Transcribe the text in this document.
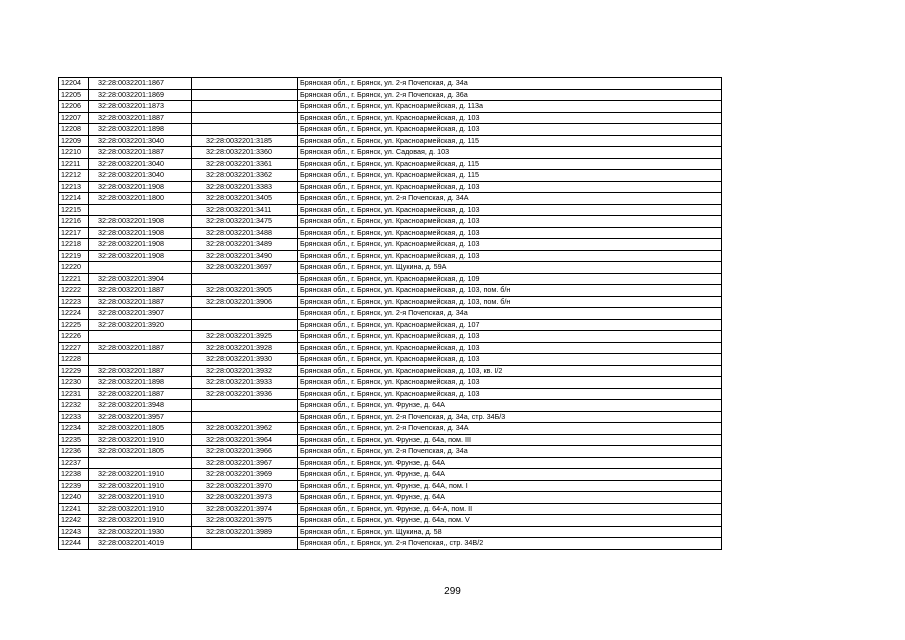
12204	32:28:0032201:1867		Брянская обл., г. Брянск, ул. 2-я Почепская, д. 34а
12205	32:28:0032201:1869		Брянская обл., г. Брянск, ул. 2-я Почепская, д. 36а
12206	32:28:0032201:1873		Брянская обл., г. Брянск, ул. Красноармейская, д. 113а
12207	32:28:0032201:1887		Брянская обл., г. Брянск, ул. Красноармейская, д. 103
12208	32:28:0032201:1898		Брянская обл., г. Брянск, ул. Красноармейская, д. 103
12209	32:28:0032201:3040	32:28:0032201:3185	Брянская обл., г. Брянск, ул. Красноармейская, д. 115
12210	32:28:0032201:1887	32:28:0032201:3360	Брянская обл., г. Брянск, ул. Садовая, д. 103
12211	32:28:0032201:3040	32:28:0032201:3361	Брянская обл., г. Брянск, ул. Красноармейская, д. 115
12212	32:28:0032201:3040	32:28:0032201:3362	Брянская обл., г. Брянск, ул. Красноармейская, д. 115
12213	32:28:0032201:1908	32:28:0032201:3383	Брянская обл., г. Брянск, ул. Красноармейская, д. 103
12214	32:28:0032201:1800	32:28:0032201:3405	Брянская обл., г. Брянск, ул. 2-я Почепская, д. 34А
12215		32:28:0032201:3411	Брянская обл., г. Брянск, ул. Красноармейская, д. 103
12216	32:28:0032201:1908	32:28:0032201:3475	Брянская обл., г. Брянск, ул. Красноармейская, д. 103
12217	32:28:0032201:1908	32:28:0032201:3488	Брянская обл., г. Брянск, ул. Красноармейская, д. 103
12218	32:28:0032201:1908	32:28:0032201:3489	Брянская обл., г. Брянск, ул. Красноармейская, д. 103
12219	32:28:0032201:1908	32:28:0032201:3490	Брянская обл., г. Брянск, ул. Красноармейская, д. 103
12220		32:28:0032201:3697	Брянская обл., г. Брянск, ул. Щукина, д. 59А
12221	32:28:0032201:3904		Брянская обл., г. Брянск, ул. Красноармейская, д. 109
12222	32:28:0032201:1887	32:28:0032201:3905	Брянская обл., г. Брянск, ул. Красноармейская, д. 103, пом. б/н
12223	32:28:0032201:1887	32:28:0032201:3906	Брянская обл., г. Брянск, ул. Красноармейская, д. 103, пом. б/н
12224	32:28:0032201:3907		Брянская обл., г. Брянск, ул. 2-я Почепская, д. 34а
12225	32:28:0032201:3920		Брянская обл., г. Брянск, ул. Красноармейская, д. 107
12226		32:28:0032201:3925	Брянская обл., г. Брянск, ул. Красноармейская, д. 103
12227	32:28:0032201:1887	32:28:0032201:3928	Брянская обл., г. Брянск, ул. Красноармейская, д. 103
12228		32:28:0032201:3930	Брянская обл., г. Брянск, ул. Красноармейская, д. 103
12229	32:28:0032201:1887	32:28:0032201:3932	Брянская обл., г. Брянск, ул. Красноармейская, д. 103, кв. I/2
12230	32:28:0032201:1898	32:28:0032201:3933	Брянская обл., г. Брянск, ул. Красноармейская, д. 103
12231	32:28:0032201:1887	32:28:0032201:3936	Брянская обл., г. Брянск, ул. Красноармейская, д. 103
12232	32:28:0032201:3948		Брянская обл., г. Брянск, ул. Фрунзе, д. 64А
12233	32:28:0032201:3957		Брянская обл., г. Брянск, ул. 2-я Почепская, д. 34а, стр. 34Б/3
12234	32:28:0032201:1805	32:28:0032201:3962	Брянская обл., г. Брянск, ул. 2-я Почепская, д. 34А
12235	32:28:0032201:1910	32:28:0032201:3964	Брянская обл., г. Брянск, ул. Фрунзе, д. 64а, пом. III
12236	32:28:0032201:1805	32:28:0032201:3966	Брянская обл., г. Брянск, ул. 2-я Почепская, д. 34а
12237		32:28:0032201:3967	Брянская обл., г. Брянск, ул. Фрунзе, д. 64А
12238	32:28:0032201:1910	32:28:0032201:3969	Брянская обл., г. Брянск, ул. Фрунзе, д. 64А
12239	32:28:0032201:1910	32:28:0032201:3970	Брянская обл., г. Брянск, ул. Фрунзе, д. 64А, пом. I
12240	32:28:0032201:1910	32:28:0032201:3973	Брянская обл., г. Брянск, ул. Фрунзе, д. 64А
12241	32:28:0032201:1910	32:28:0032201:3974	Брянская обл., г. Брянск, ул. Фрунзе, д. 64-А, пом. II
12242	32:28:0032201:1910	32:28:0032201:3975	Брянская обл., г. Брянск, ул. Фрунзе, д. 64а, пом. V
12243	32:28:0032201:1930	32:28:0032201:3989	Брянская обл., г. Брянск, ул. Щукина, д. 58
12244	32:28:0032201:4019		Брянская обл., г. Брянск, ул. 2-я Почепская,, стр. 34В/2
299
